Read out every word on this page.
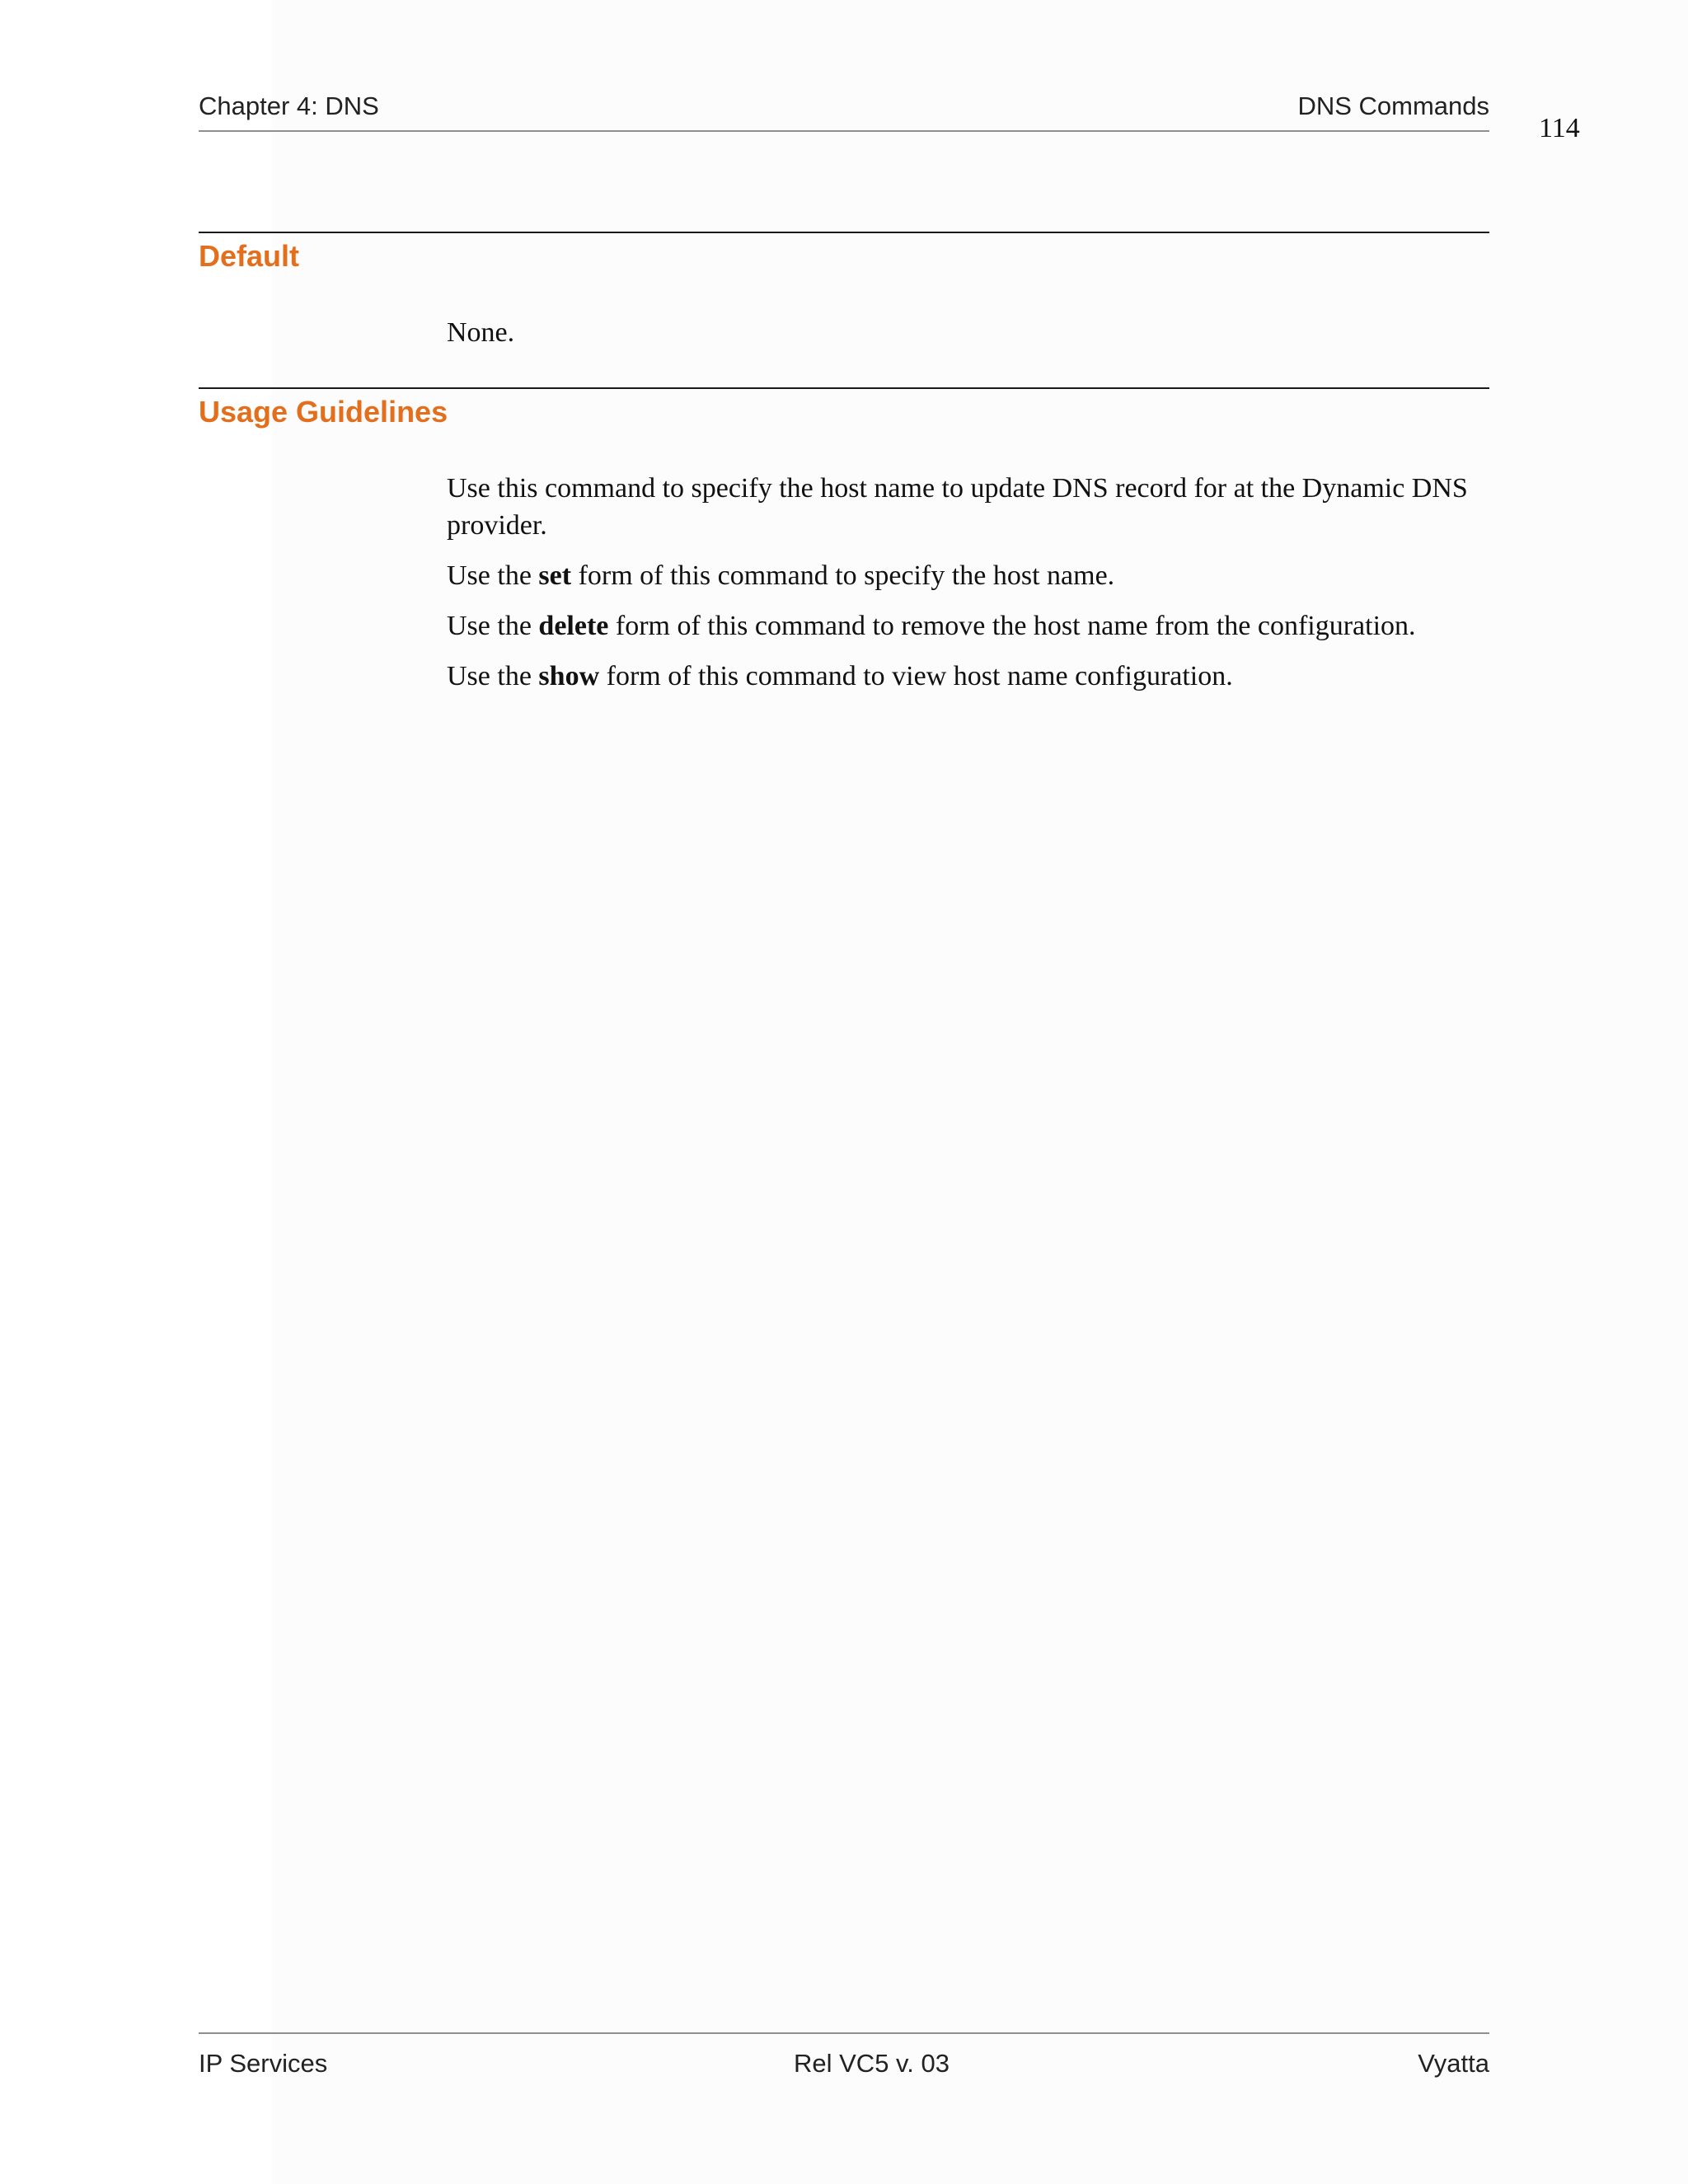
Chapter 4: DNS	DNS Commands
114
Default

None.

Usage Guidelines

Use this command to specify the host name to update DNS record for at the Dynamic DNS provider.

Use the set form of this command to specify the host name.

Use the delete form of this command to remove the host name from the configuration.

Use the show form of this command to view host name configuration.

IP Services	Rel VC5 v. 03	Vyatta
